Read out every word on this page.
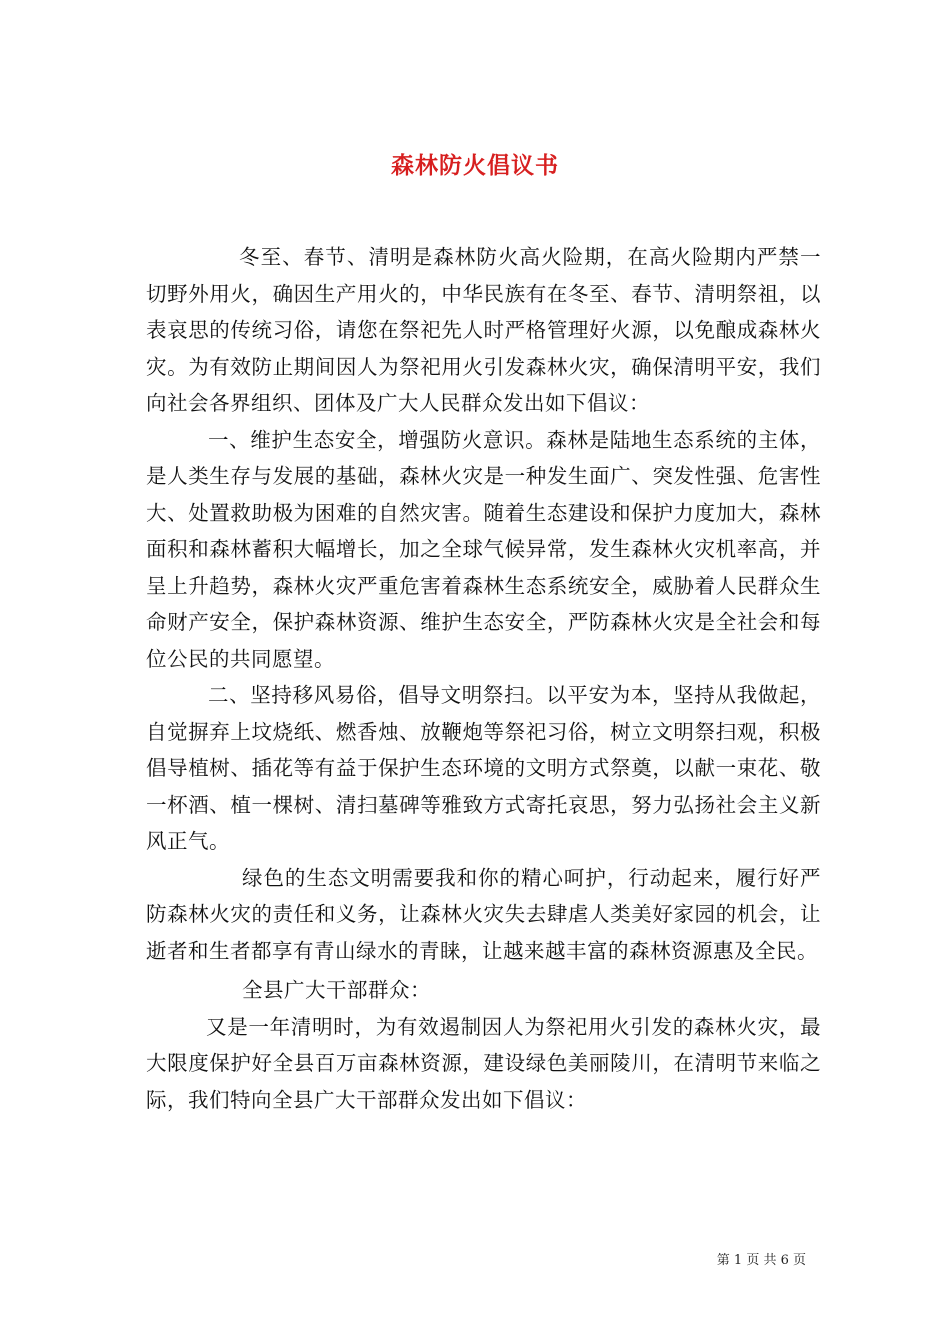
森林防火倡议书

冬至、春节、清明是森林防火高火险期，在高火险期内严禁一切野外用火，确因生产用火的，中华民族有在冬至、春节、清明祭祖，以表哀思的传统习俗，请您在祭祀先人时严格管理好火源，以免酿成森林火灾。为有效防止期间因人为祭祀用火引发森林火灾，确保清明平安，我们向社会各界组织、团体及广大人民群众发出如下倡议：

一、维护生态安全，增强防火意识。森林是陆地生态系统的主体，是人类生存与发展的基础，森林火灾是一种发生面广、突发性强、危害性大、处置救助极为困难的自然灾害。随着生态建设和保护力度加大，森林面积和森林蓄积大幅增长，加之全球气候异常，发生森林火灾机率高，并呈上升趋势，森林火灾严重危害着森林生态系统安全，威胁着人民群众生命财产安全，保护森林资源、维护生态安全，严防森林火灾是全社会和每位公民的共同愿望。

二、坚持移风易俗，倡导文明祭扫。以平安为本，坚持从我做起，自觉摒弃上坟烧纸、燃香烛、放鞭炮等祭祀习俗，树立文明祭扫观，积极倡导植树、插花等有益于保护生态环境的文明方式祭奠，以献一束花、敬一杯酒、植一棵树、清扫墓碑等雅致方式寄托哀思，努力弘扬社会主义新风正气。

绿色的生态文明需要我和你的精心呵护，行动起来，履行好严防森林火灾的责任和义务，让森林火灾失去肆虐人类美好家园的机会，让逝者和生者都享有青山绿水的青睐，让越来越丰富的森林资源惠及全民。

全县广大干部群众：

又是一年清明时，为有效遏制因人为祭祀用火引发的森林火灾，最大限度保护好全县百万亩森林资源，建设绿色美丽陵川，在清明节来临之际，我们特向全县广大干部群众发出如下倡议：

第 1 页 共 6 页
